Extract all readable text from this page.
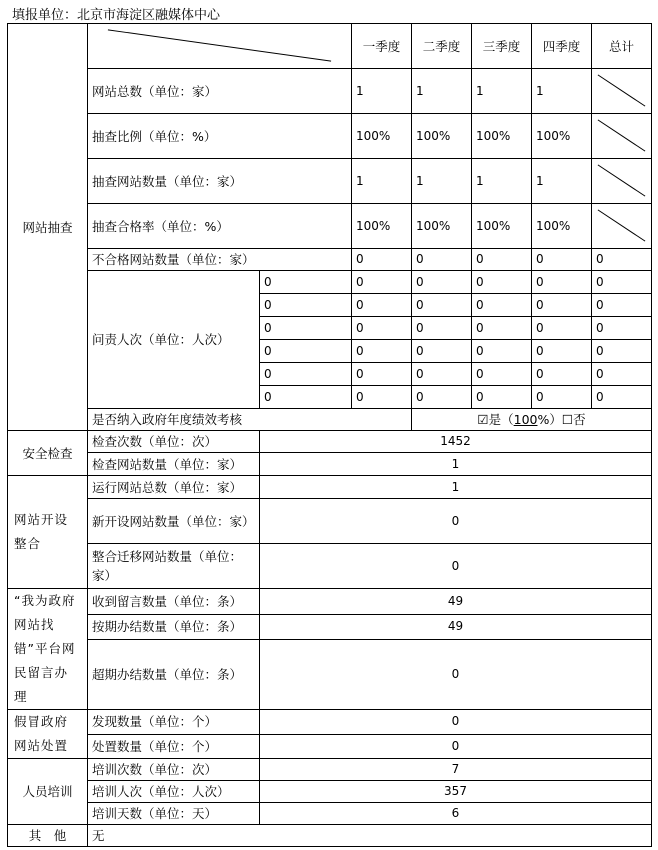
填报单位：北京市海淀区融媒体中心
网站抽查			一季度	二季度	三季度	四季度	总计
	网站总数（单位：家）		1	1	1	1	

	抽查比例（单位：%）		100%	100%	100%	100%	

	抽查网站数量（单位：家）		1	1	1	1	

	抽查合格率（单位：%）		100%	100%	100%	100%	

	不合格网站数量（单位：家）		0	0	0	0	0
	问责人次（单位：人次）	0	0	0	0	0	0
		0	0	0	0	0	0
		0	0	0	0	0	0
		0	0	0	0	0	0
		0	0	0	0	0	0
		0	0	0	0	0	0
	是否纳入政府年度绩效考核			☑是（100%）☐否			
安全检查	检查次数（单位：次）	1452					
	检查网站数量（单位：家）	1					
网站开设整合	运行网站总数（单位：家）	1					
	新开设网站数量（单位：家）	0					
	整合迁移网站数量（单位：家）	0					
“我为政府网站找错”平台网民留言办理	收到留言数量（单位：条）	49					
	按期办结数量（单位：条）	49					
	超期办结数量（单位：条）	0					
假冒政府网站处置	发现数量（单位：个）	0					
	处置数量（单位：个）	0					
人员培训	培训次数（单位：次）	7					
	培训人次（单位：人次）	357					
	培训天数（单位：天）	6					
其　他	无						
